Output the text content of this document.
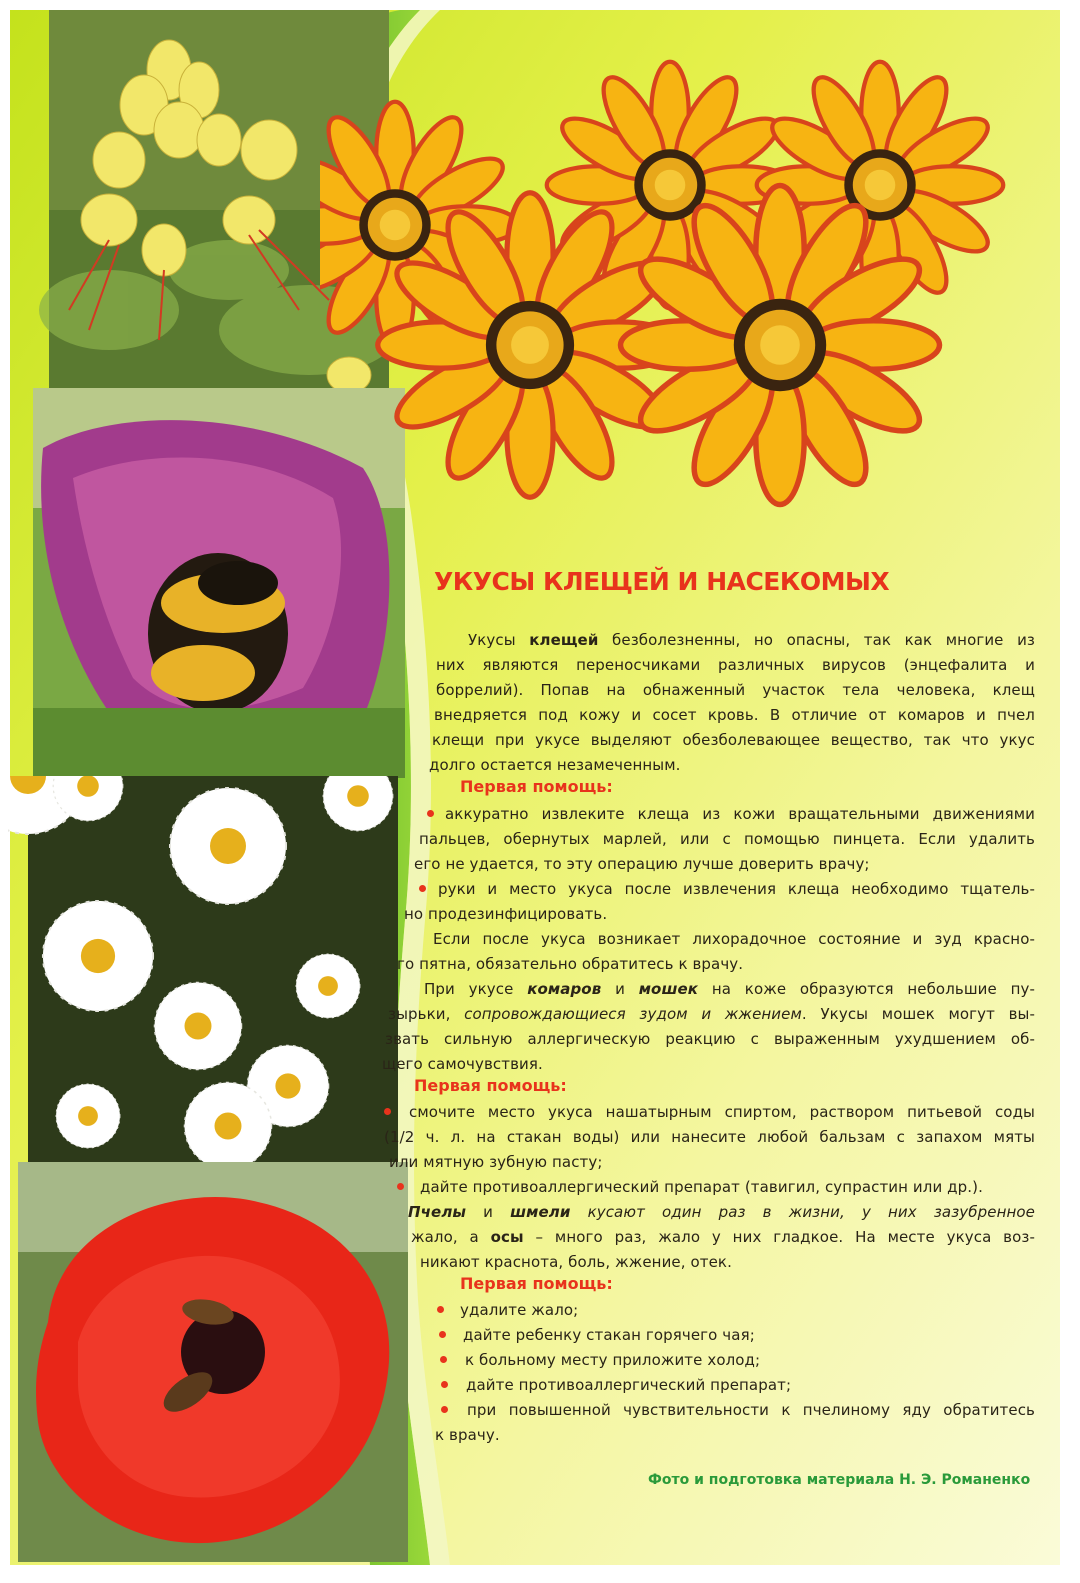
УКУСЫ КЛЕЩЕЙ И НАСЕКОМЫХ
Укусы клещей безболезненны, но опасны, так как многие из
них являются переносчиками различных вирусов (энцефалита и
боррелий). Попав на обнаженный участок тела человека, клещ
внедряется под кожу и сосет кровь. В отличие от комаров и пчел
клещи при укусе выделяют обезболевающее вещество, так что укус
долго остается незамеченным.
Первая помощь:
аккуратно извлеките клеща из кожи вращательными движениями
пальцев, обернутых марлей, или с помощью пинцета. Если удалить
его не удается, то эту операцию лучше доверить врачу;
руки и место укуса после извлечения клеща необходимо тщатель-
но продезинфицировать.
Если после укуса возникает лихорадочное состояние и зуд красно-
го пятна, обязательно обратитесь к врачу.
При укусе комаров и мошек на коже образуются небольшие пу-
зырьки, сопровождающиеся зудом и жжением. Укусы мошек могут вы-
звать сильную аллергическую реакцию с выраженным ухудшением об-
щего самочувствия.
Первая помощь:
смочите место укуса нашатырным спиртом, раствором питьевой соды
(1/2 ч. л. на стакан воды) или нанесите любой бальзам с запахом мяты
или мятную зубную пасту;
дайте противоаллергический препарат (тавигил, супрастин или др.).
Пчелы и шмели кусают один раз в жизни, у них зазубренное
жало, а осы – много раз, жало у них гладкое. На месте укуса воз-
никают краснота, боль, жжение, отек.
Первая помощь:
удалите жало;
дайте ребенку стакан горячего чая;
к больному месту приложите холод;
дайте противоаллергический препарат;
при повышенной чувствительности к пчелиному яду обратитесь
к врачу.
Фото и подготовка материала Н. Э. Романенко
